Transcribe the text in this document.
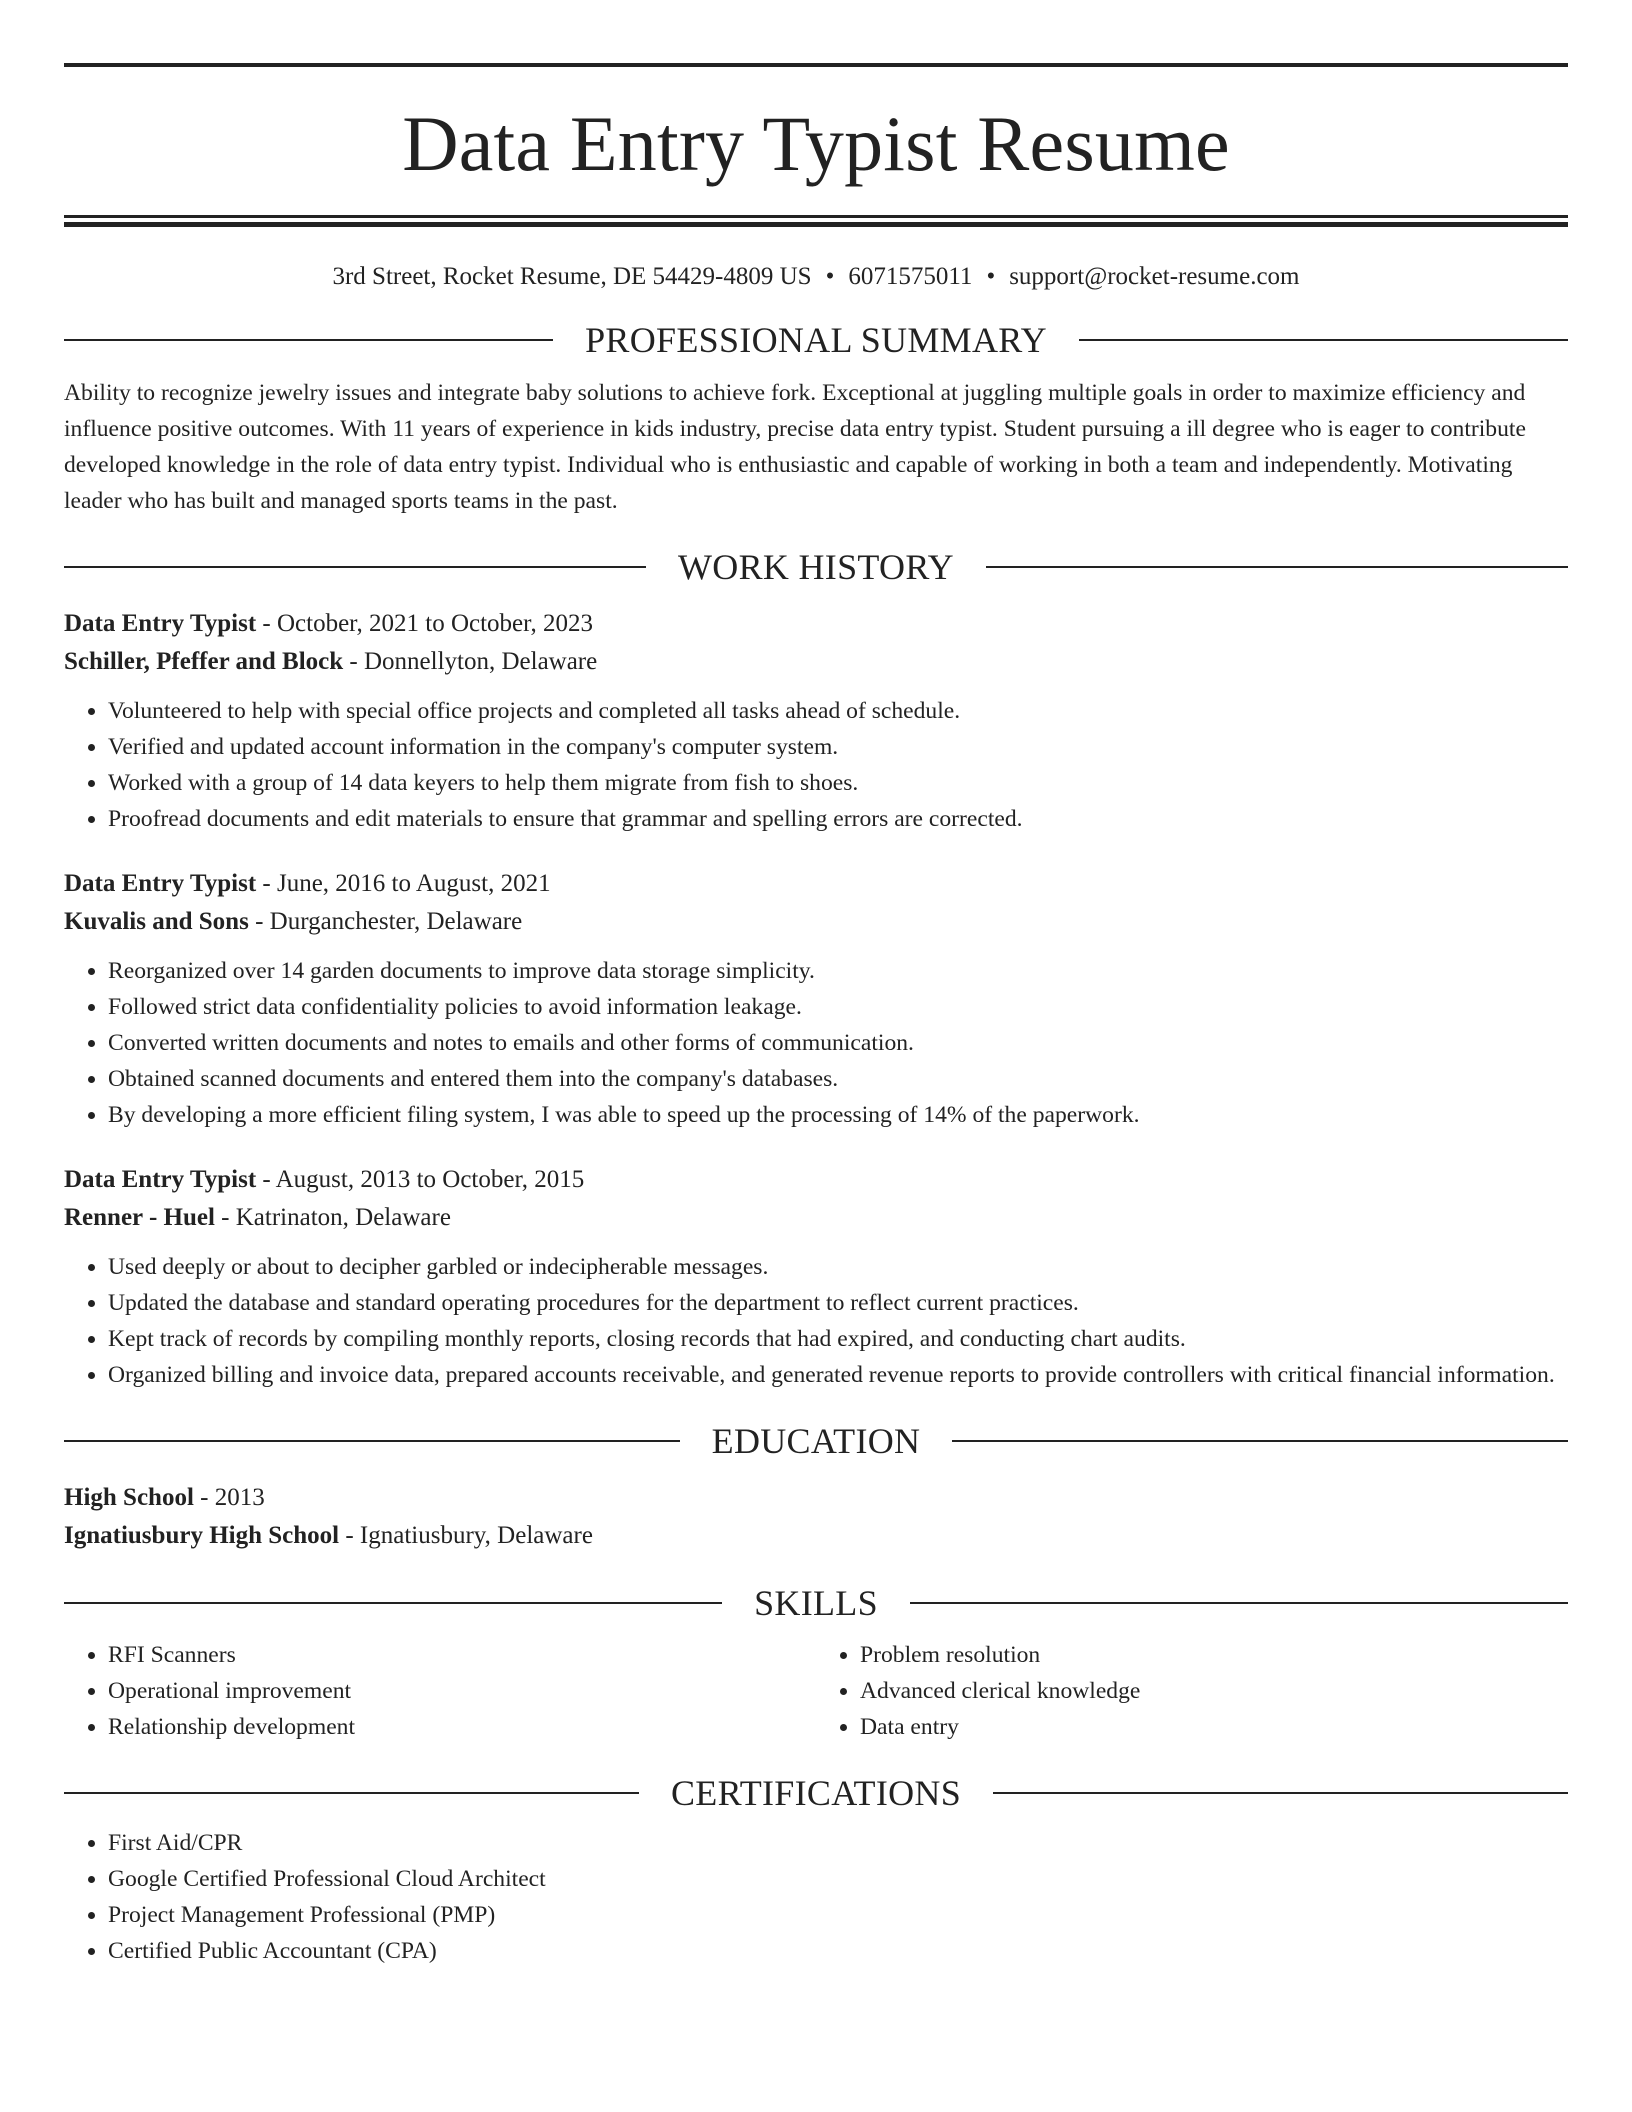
Data Entry Typist Resume
3rd Street, Rocket Resume, DE 54429-4809 US • 6071575011 • support@rocket-resume.com
PROFESSIONAL SUMMARY
Ability to recognize jewelry issues and integrate baby solutions to achieve fork. Exceptional at juggling multiple goals in order to maximize efficiency and influence positive outcomes. With 11 years of experience in kids industry, precise data entry typist. Student pursuing a ill degree who is eager to contribute developed knowledge in the role of data entry typist. Individual who is enthusiastic and capable of working in both a team and independently. Motivating leader who has built and managed sports teams in the past.
WORK HISTORY
Data Entry Typist - October, 2021 to October, 2023
Schiller, Pfeffer and Block - Donnellyton, Delaware
• Volunteered to help with special office projects and completed all tasks ahead of schedule.
• Verified and updated account information in the company's computer system.
• Worked with a group of 14 data keyers to help them migrate from fish to shoes.
• Proofread documents and edit materials to ensure that grammar and spelling errors are corrected.
Data Entry Typist - June, 2016 to August, 2021
Kuvalis and Sons - Durganchester, Delaware
• Reorganized over 14 garden documents to improve data storage simplicity.
• Followed strict data confidentiality policies to avoid information leakage.
• Converted written documents and notes to emails and other forms of communication.
• Obtained scanned documents and entered them into the company's databases.
• By developing a more efficient filing system, I was able to speed up the processing of 14% of the paperwork.
Data Entry Typist - August, 2013 to October, 2015
Renner - Huel - Katrinaton, Delaware
• Used deeply or about to decipher garbled or indecipherable messages.
• Updated the database and standard operating procedures for the department to reflect current practices.
• Kept track of records by compiling monthly reports, closing records that had expired, and conducting chart audits.
• Organized billing and invoice data, prepared accounts receivable, and generated revenue reports to provide controllers with critical financial information.
EDUCATION
High School - 2013
Ignatiusbury High School - Ignatiusbury, Delaware
SKILLS
• RFI Scanners
• Operational improvement
• Relationship development
• Problem resolution
• Advanced clerical knowledge
• Data entry
CERTIFICATIONS
• First Aid/CPR
• Google Certified Professional Cloud Architect
• Project Management Professional (PMP)
• Certified Public Accountant (CPA)
